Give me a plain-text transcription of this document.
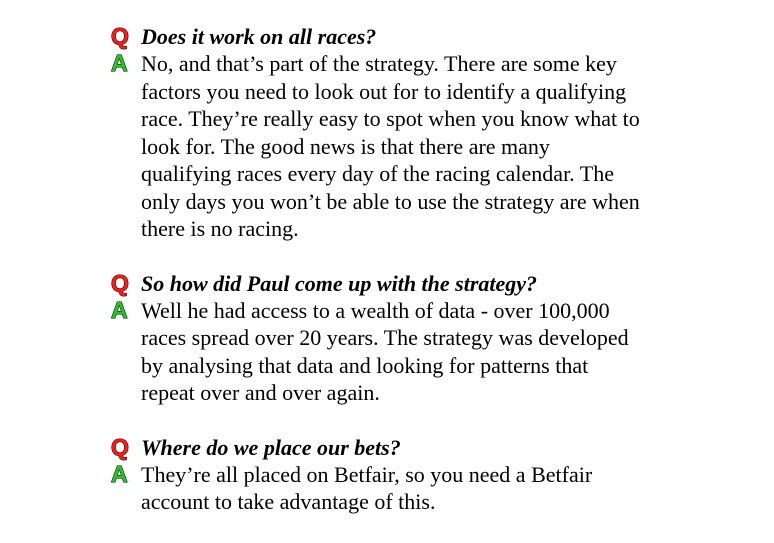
Q Does it work on all races?
A No, and that’s part of the strategy. There are some key
factors you need to look out for to identify a qualifying
race. They’re really easy to spot when you know what to
look for. The good news is that there are many
qualifying races every day of the racing calendar. The
only days you won’t be able to use the strategy are when
there is no racing.
Q So how did Paul come up with the strategy?
A Well he had access to a wealth of data - over 100,000
races spread over 20 years. The strategy was developed
by analysing that data and looking for patterns that
repeat over and over again.
Q Where do we place our bets?
A They’re all placed on Betfair, so you need a Betfair
account to take advantage of this.
